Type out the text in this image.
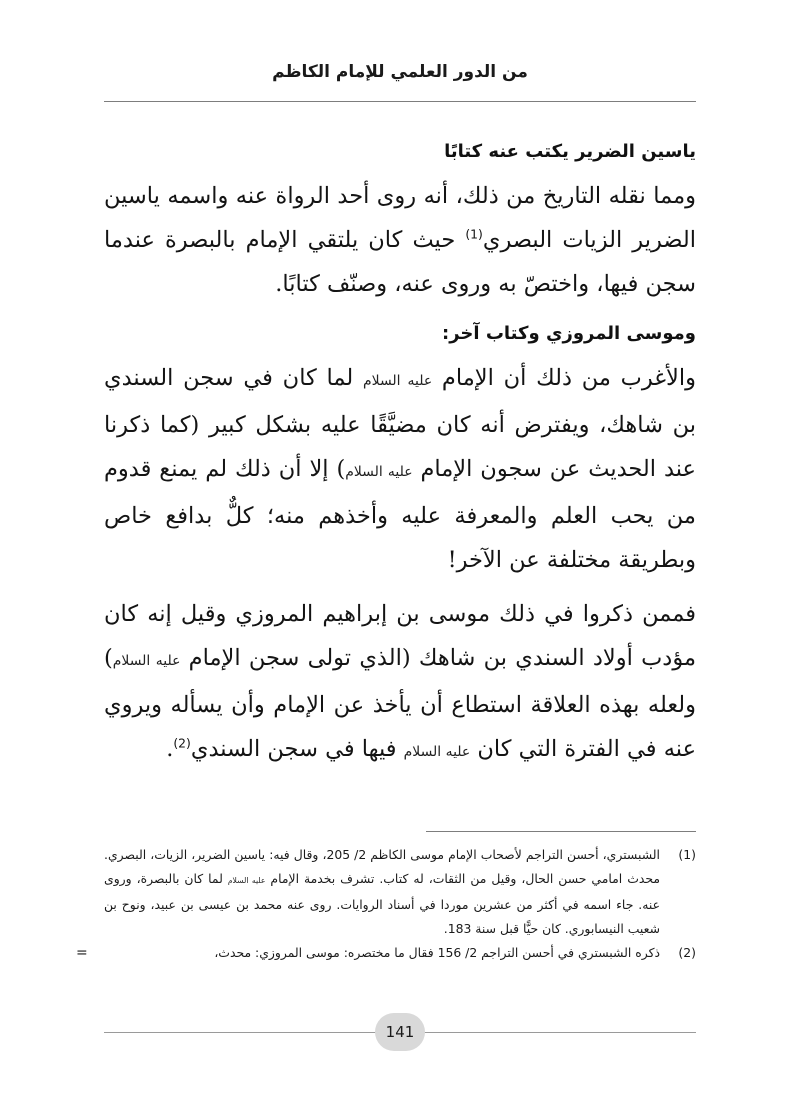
من الدور العلمي للإمام الكاظم
ياسين الضرير يكتب عنه كتابًا

ومما نقله التاريخ من ذلك، أنه روى أحد الرواة عنه واسمه ياسين الضرير الزيات البصري$^{(1)}$ حيث كان يلتقي الإمام بالبصرة عندما سجن فيها، واختصّ به وروى عنه، وصنّف كتابًا.

وموسى المروزي وكتاب آخر:

والأغرب من ذلك أن الإمام عليه السلام لما كان في سجن السندي بن شاهك، ويفترض أنه كان مضيَّقًا عليه بشكل كبير (كما ذكرنا عند الحديث عن سجون الإمام عليه السلام) إلا أن ذلك لم يمنع قدوم من يحب العلم والمعرفة عليه وأخذهم منه؛ كلٌّ بدافع خاص وبطريقة مختلفة عن الآخر!

فممن ذكروا في ذلك موسى بن إبراهيم المروزي وقيل إنه كان مؤدب أولاد السندي بن شاهك (الذي تولى سجن الإمام عليه السلام) ولعله بهذه العلاقة استطاع أن يأخذ عن الإمام وأن يسأله ويروي عنه في الفترة التي كان عليه السلام فيها في سجن السندي$^{(2)}$.

(1)
الشبستري، أحسن التراجم لأصحاب الإمام موسى الكاظم 2/ 205، وقال فيه: ياسين الضرير، الزيات، البصري. محدث امامي حسن الحال، وقيل من الثقات، له كتاب. تشرف بخدمة الإمام عليه السلام لما كان بالبصرة، وروى عنه. جاء اسمه في أكثر من عشرين موردا في أسناد الروايات. روى عنه محمد بن عيسى بن عبيد، ونوح بن شعيب النيسابوري. كان حيًّا قبل سنة 183.
(2)
ذكره الشبستري في أحسن التراجم 2/ 156 فقال ما مختصره: موسى المروزي: محدث،
=
141
